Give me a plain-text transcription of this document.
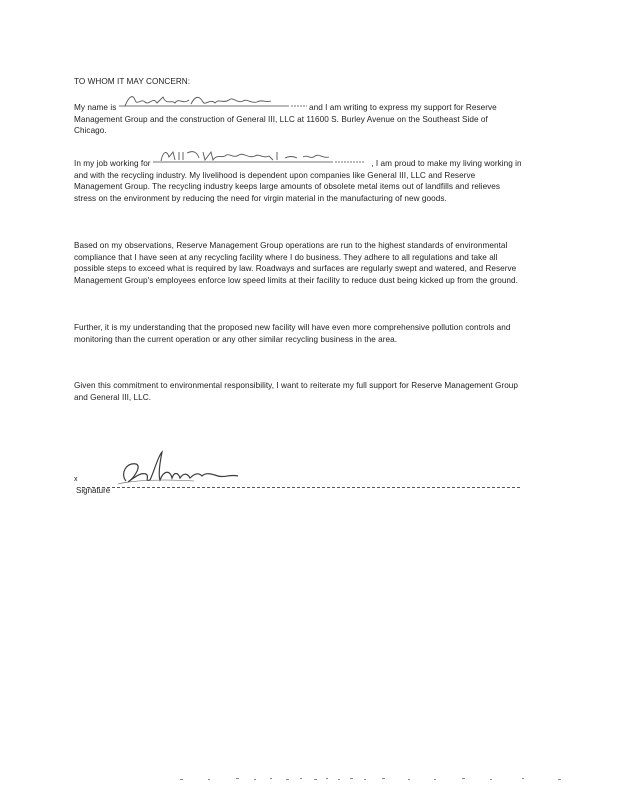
TO WHOM IT MAY CONCERN:
My name is	and I am writing to express my support for Reserve Management Group and the construction of General III, LLC at 11600 S. Burley Avenue on the Southeast Side of Chicago.
In my job working for	, I am proud to make my living working in and with the recycling industry. My livelihood is dependent upon companies like General III, LLC and Reserve Management Group. The recycling industry keeps large amounts of obsolete metal items out of landfills and relieves stress on the environment by reducing the need for virgin material in the manufacturing of new goods.
Based on my observations, Reserve Management Group operations are run to the highest standards of environmental compliance that I have seen at any recycling facility where I do business. They adhere to all regulations and take all possible steps to exceed what is required by law. Roadways and surfaces are regularly swept and watered, and Reserve Management Group's employees enforce low speed limits at their facility to reduce dust being kicked up from the ground.
Further, it is my understanding that the proposed new facility will have even more comprehensive pollution controls and monitoring than the current operation or any other similar recycling business in the area.
Given this commitment to environmental responsibility, I want to reiterate my full support for Reserve Management Group and General III, LLC.
x
Signature
